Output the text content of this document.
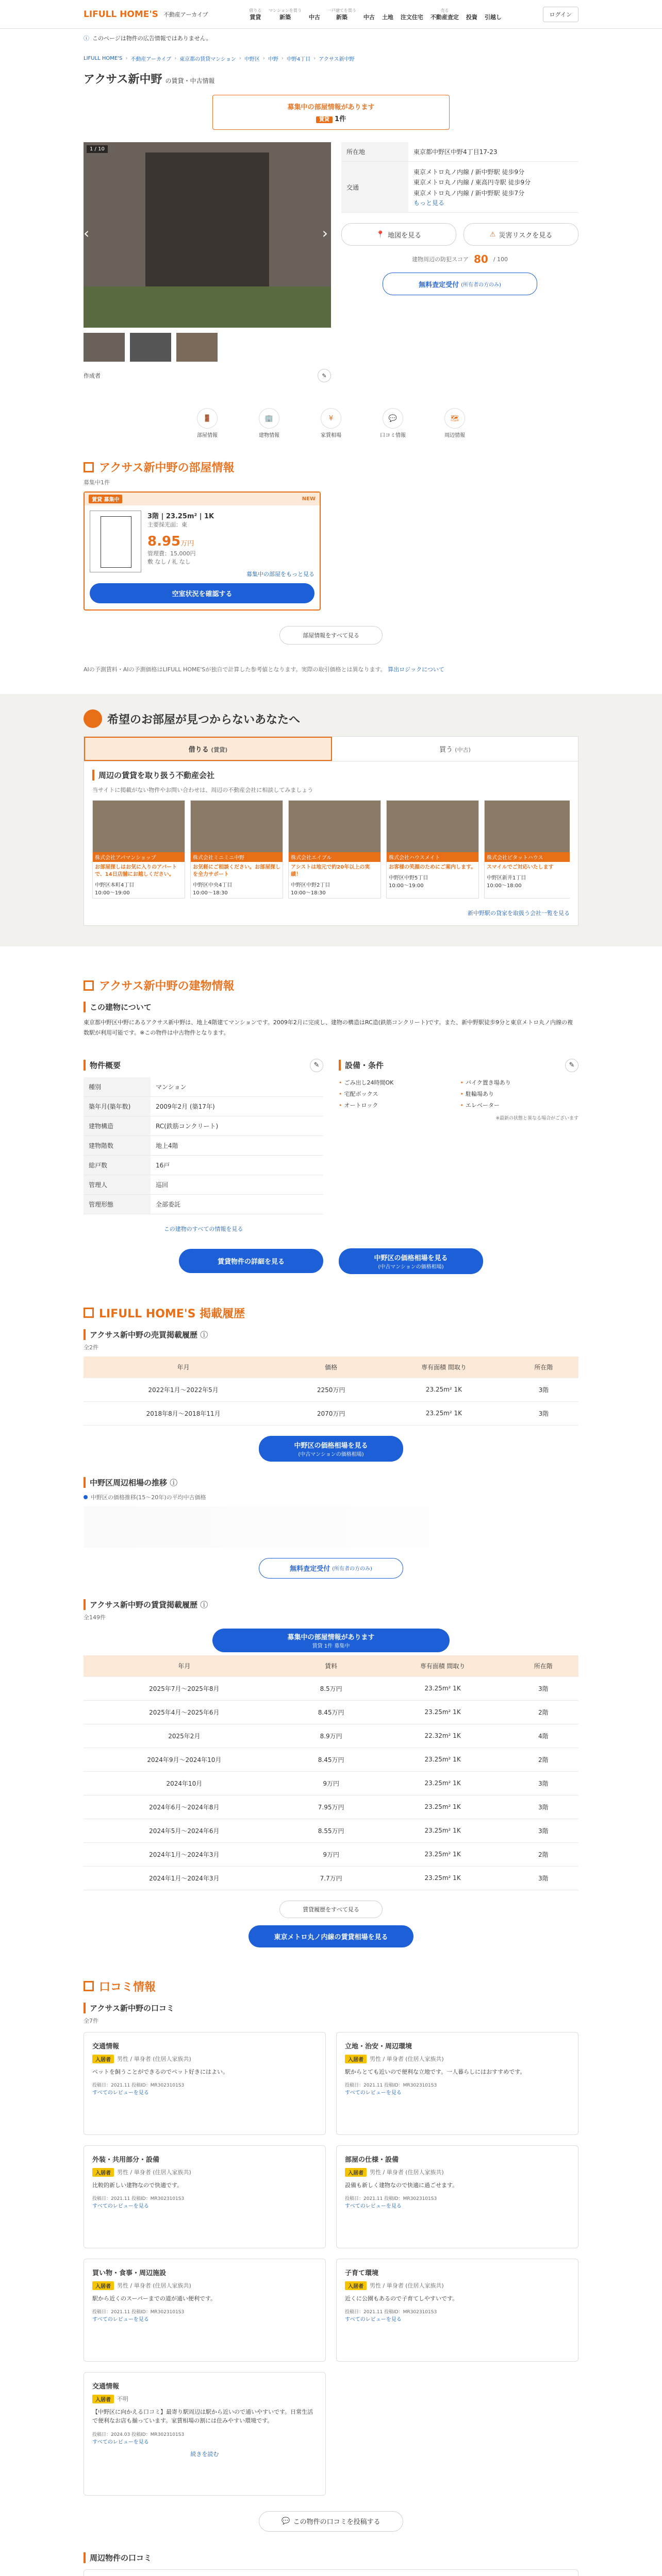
LIFULL HOME'S 不動産アーカイブ
借りる
賃貸
マンションを買う
新築	中古
一戸建てを買う
新築	中古 土地 注文住宅
売る
不動産査定 投資 引越し	ログイン
ⓘ このページは物件の広告情報ではありません。
LIFULL HOME'S › 不動産アーカイブ › 東京都の賃貸マンション › 中野区 › 中野 › 中野4丁目 › アクサス新中野
アクサス新中野 の賃貸・中古情報
募集中の部屋情報があります
賃貸 1件
1 / 10
‹	›
作成者	✎
所在地	東京都中野区中野4丁目17-23
交通	東京メトロ丸ノ内線 / 新中野駅 徒歩9分
東京メトロ丸ノ内線 / 東高円寺駅 徒歩9分
東京メトロ丸ノ内線 / 新中野駅 徒歩7分
もっと見る
📍 地図を見る	⚠ 災害リスクを見る
建物周辺の防犯スコア 80 / 100
無料査定受付 (所有者の方のみ)
🚪
部屋情報
🏢
建物情報
¥
家賃相場
💬
口コミ情報
🗺
周辺情報
アクサス新中野の部屋情報
募集中1件
賃貸 募集中	NEW
3階 | 23.25m² | 1K
主要採光面：東
8.95万円
管理費：15,000円
敷 なし / 礼 なし
募集中の部屋をもっと見る
空室状況を確認する
部屋情報をすべて見る
AIの予測賃料・AIの予測価格はLIFULL HOME'Sが独自で計算した参考値となります。実際の取引価格とは異なります。 算出ロジックについて
希望のお部屋が見つからないあなたへ
借りる (賃貸)	買う (中古)
周辺の賃貸を取り扱う不動産会社
当サイトに掲載がない物件やお問い合わせは、周辺の不動産会社に相談してみましょう
株式会社アパマンショップ
お部屋探しはお気に入りのアパートで、14日店舗にお越しください。
中野区本町4丁目
10:00〜19:00
株式会社ミニミニ中野
お気軽にご相談ください。お部屋探しを全力サポート
中野区中央4丁目
10:00〜18:30
株式会社エイブル
アシストは地元で約20年以上の実績！
中野区中野2丁目
10:00〜18:30
株式会社ハウスメイト
お客様の笑顔のためにご案内します。
中野区中野5丁目
10:00〜19:00
株式会社ピタットハウス
スマイルでご対応いたします
中野区新井1丁目
10:00〜18:00
新中野駅の貸家を取扱う会社一覧を見る
アクサス新中野の建物情報
この建物について

東京都中野区中野にあるアクサス新中野は、地上4階建てマンションです。2009年2月に完成し、建物の構造はRC造(鉄筋コンクリート)です。また、新中野駅徒歩9分と東京メトロ丸ノ内線の複数駅が利用可能です。※この物件は中古物件となります。

物件概要	✎
種別	マンション
築年月(築年数)	2009年2月 (築17年)
建物構造	RC(鉄筋コンクリート)
建物階数	地上4階
総戸数	16戸
管理人	巡回
管理形態	全部委託
この建物のすべての情報を見る
設備・条件	✎
• ごみ出し24時間OK	• バイク置き場あり
• 宅配ボックス	• 駐輪場あり
• オートロック	• エレベーター
※最新の状態と異なる場合がございます
賃貸物件の詳細を見る	中野区の価格相場を見る
(中古マンションの価格相場)
LIFULL HOME'S 掲載履歴
アクサス新中野の売買掲載履歴 ⓘ
全2件
年月	価格	専有面積 間取り	所在階
2022年1月〜2022年5月	2250万円	23.25m² 1K	3階
2018年8月〜2018年11月	2070万円	23.25m² 1K	3階
中野区の価格相場を見る
(中古マンションの価格相場)
中野区周辺相場の推移 ⓘ
中野区の価格推移(15〜20年)の平均中古価格
無料査定受付 (所有者の方のみ)
アクサス新中野の賃貸掲載履歴 ⓘ
全149件
募集中の部屋情報があります
賃貸 1件 募集中
年月	賃料	専有面積 間取り	所在階
2025年7月〜2025年8月	8.5万円	23.25m² 1K	3階
2025年4月〜2025年6月	8.45万円	23.25m² 1K	2階
2025年2月	8.9万円	22.32m² 1K	4階
2024年9月〜2024年10月	8.45万円	23.25m² 1K	2階
2024年10月	9万円	23.25m² 1K	3階
2024年6月〜2024年8月	7.95万円	23.25m² 1K	3階
2024年5月〜2024年6月	8.55万円	23.25m² 1K	3階
2024年1月〜2024年3月	9万円	23.25m² 1K	2階
2024年1月〜2024年3月	7.7万円	23.25m² 1K	3階
賃貸履歴をすべて見る
東京メトロ丸ノ内線の賃貸相場を見る
口コミ情報
アクサス新中野の口コミ
全7件
交通情報
入居者	男性 / 単身者 (住居人家族共)

ペットを飼うことができるのでペット好きにはよい。

投稿日：2021.11 投稿ID：MR3023101S3
すべてのレビューを見る
立地・治安・周辺環境
入居者	男性 / 単身者 (住居人家族共)

駅からとても近いので便利な立地です。一人暮らしにはおすすめです。

投稿日：2021.11 投稿ID：MR3023101S3
すべてのレビューを見る
外装・共用部分・設備
入居者	男性 / 単身者 (住居人家族共)

比較的新しい建物なので快適です。

投稿日：2021.11 投稿ID：MR3023101S3
すべてのレビューを見る
部屋の仕様・設備
入居者	男性 / 単身者 (住居人家族共)

設備も新しく建物なので快適に過ごせます。

投稿日：2021.11 投稿ID：MR3023101S3
すべてのレビューを見る
買い物・食事・周辺施設
入居者	男性 / 単身者 (住居人家族共)

駅から近くのスーパーまでの道が通い便利です。

投稿日：2021.11 投稿ID：MR3023101S3
すべてのレビューを見る
子育て環境
入居者	男性 / 単身者 (住居人家族共)

近くに公園もあるので子育てしやすいです。

投稿日：2021.11 投稿ID：MR3023101S3
すべてのレビューを見る
交通情報
入居者	不明

【中野区に向かえる口コミ】最寄り駅周辺は駅から近いので通いやすいです。日常生活で便利なお店も揃っています。家賃相場の割には住みやすい環境です。

投稿日：2024.03 投稿ID：MR3023101S3
すべてのレビューを見る
続きを読む
💬 この物件の口コミを投稿する
周辺物件の口コミ
